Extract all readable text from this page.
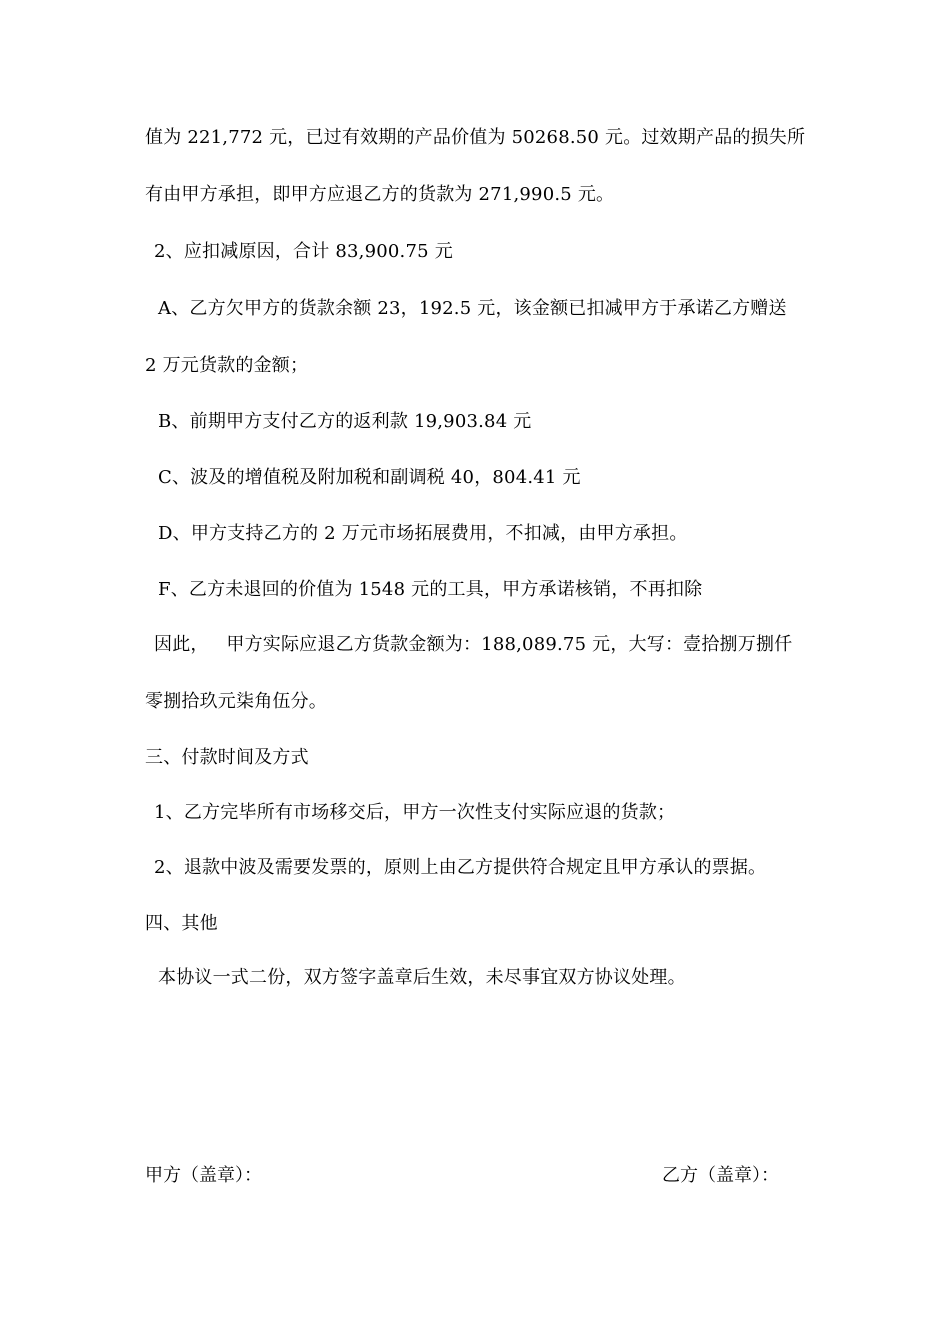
值为 221,772 元，已过有效期的产品价值为 50268.50 元。过效期产品的损失所
有由甲方承担，即甲方应退乙方的货款为 271,990.5 元。
2、应扣减原因，合计 83,900.75 元
A、乙方欠甲方的货款余额 23，192.5 元，该金额已扣减甲方于承诺乙方赠送
2 万元货款的金额；
B、前期甲方支付乙方的返利款 19,903.84 元
C、波及的增值税及附加税和副调税 40，804.41 元
D、甲方支持乙方的 2 万元市场拓展费用，不扣减，由甲方承担。
F、乙方未退回的价值为 1548 元的工具，甲方承诺核销，不再扣除
因此，   甲方实际应退乙方货款金额为：188,089.75 元，大写：壹拾捌万捌仟
零捌拾玖元柒角伍分。
三、付款时间及方式
1、乙方完毕所有市场移交后，甲方一次性支付实际应退的货款；
2、退款中波及需要发票的，原则上由乙方提供符合规定且甲方承认的票据。
四、其他
本协议一式二份，双方签字盖章后生效，未尽事宜双方协议处理。
甲方（盖章）：	乙方（盖章）：
